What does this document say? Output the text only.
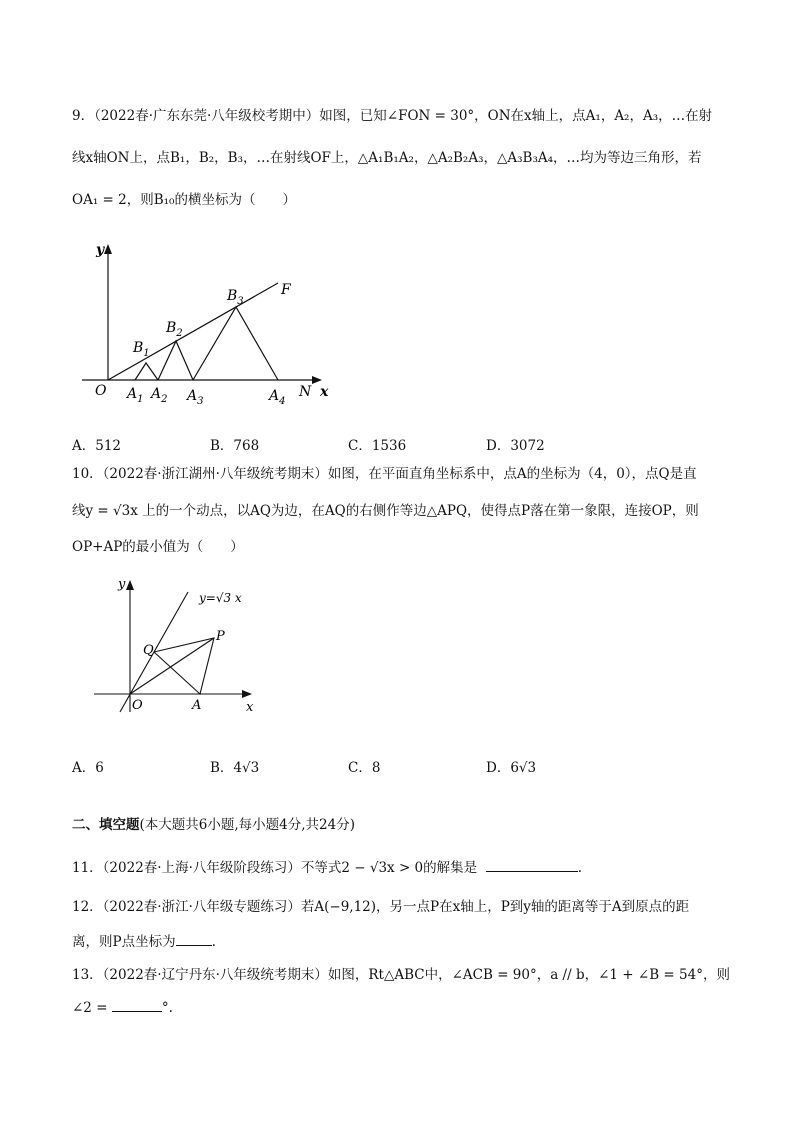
9．（2022春·广东东莞·八年级校考期中）如图，已知∠FON = 30°，ON在x轴上，点A₁，A₂，A₃，…在射
线x轴ON上，点B₁，B₂，B₃，…在射线OF上，△A₁B₁A₂，△A₂B₂A₃，△A₃B₃A₄，…均为等边三角形，若
OA₁ = 2，则B₁₀的横坐标为（　　）
y
O
F
N x
$A_1$ $A_2$ $A_3$	$A_4$
$B_1$
$B_2$
$B_3$
A．512	B．768	C．1536	D．3072
10．（2022春·浙江湖州·八年级统考期末）如图，在平面直角坐标系中，点A的坐标为（4，0），点Q是直
线y = √3x 上的一个动点，以AQ为边，在AQ的右侧作等边△APQ，使得点P落在第一象限，连接OP，则
OP+AP的最小值为（　　）
y
y=√3 x
Q
P
O	A	x
A．6	B．4√3	C．8	D．6√3
二、填空题(本大题共6小题,每小题4分,共24分)
11．（2022春·上海·八年级阶段练习）不等式2 − √3x > 0的解集是	.
12．（2022春·浙江·八年级专题练习）若A(−9,12)，另一点P在x轴上，P到y轴的距离等于A到原点的距
离，则P点坐标为	.
13．（2022春·辽宁丹东·八年级统考期末）如图，Rt△ABC中，∠ACB = 90°，a // b，∠1 + ∠B = 54°，则
∠2 =	°.
